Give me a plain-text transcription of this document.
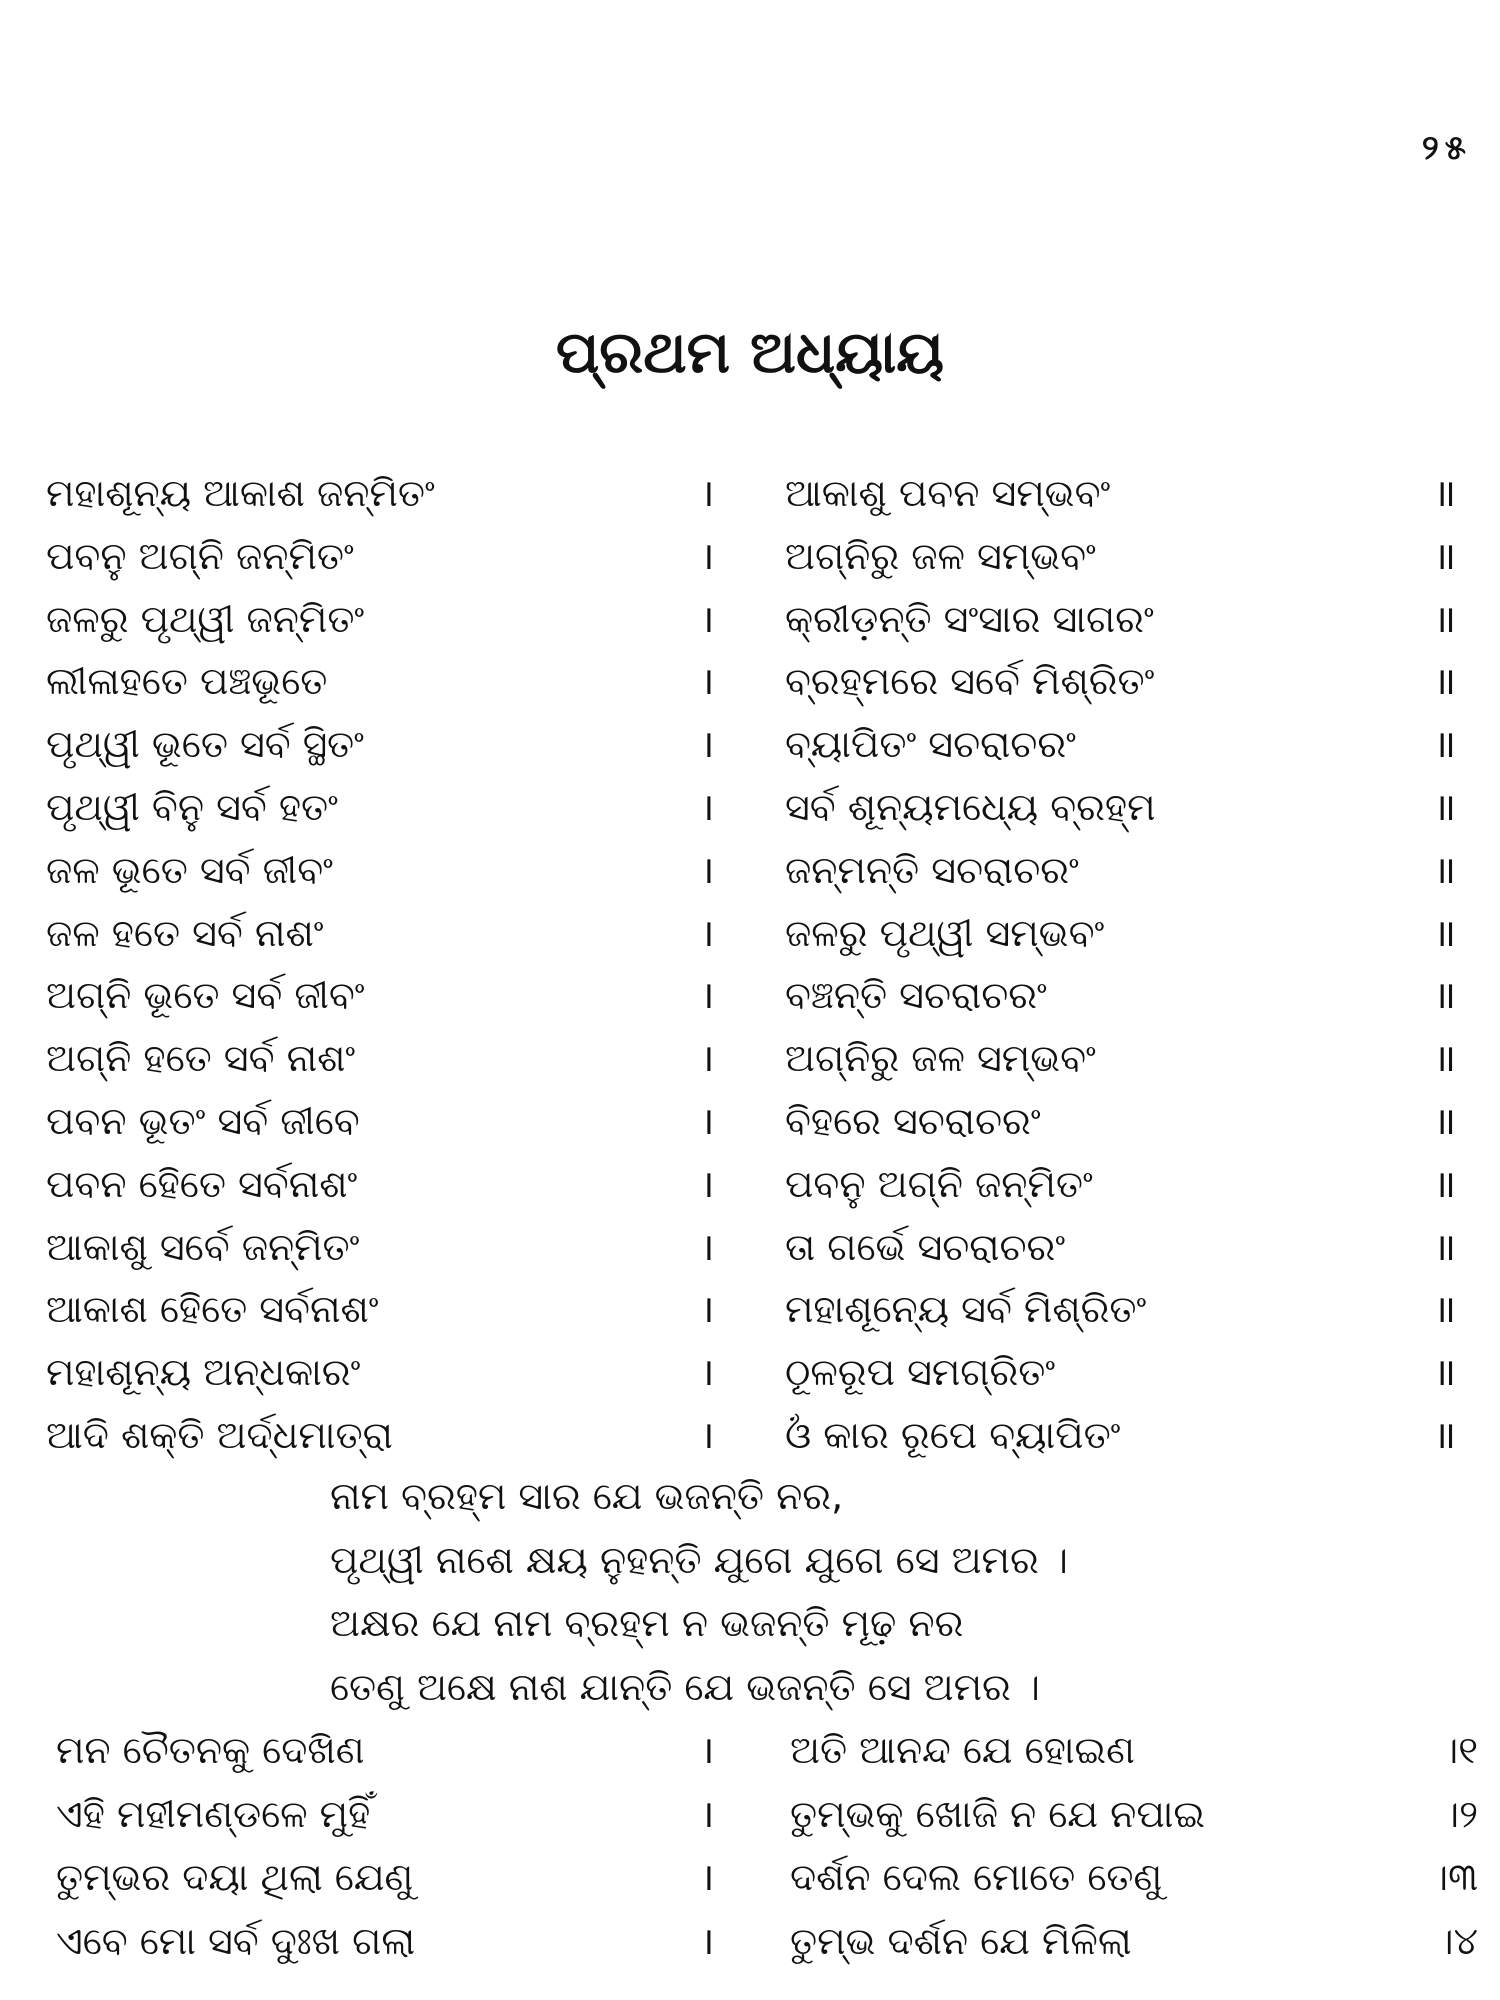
୨୫
ପ୍ରଥମ ଅଧ୍ୟାୟ
ମହାଶୂନ୍ୟ ଆକାଶ ଜନ୍ମିତଂ	। ଆକାଶୁ ପବନ ସମ୍ଭବଂ	॥
ପବନୁ ଅଗ୍ନି ଜନ୍ମିତଂ	। ଅଗ୍ନିରୁ ଜଳ ସମ୍ଭବଂ	॥
ଜଳରୁ ପୃଥ୍ୱୀ ଜନ୍ମିତଂ	। କ୍ରୀଡ଼ନ୍ତି ସଂସାର ସାଗରଂ	॥
ଲୀଳାହତେ ପଞ୍ଚଭୂତେ	। ବ୍ରହ୍ମରେ ସର୍ବେ ମିଶ୍ରିତଂ	॥
ପୃଥ୍ୱୀ ଭୂତେ ସର୍ବ ସ୍ଥିତଂ	। ବ୍ୟାପିତଂ ସଚରାଚରଂ	॥
ପୃଥ୍ୱୀ ବିନୁ ସର୍ବ ହତଂ	। ସର୍ବ ଶୂନ୍ୟମଧ୍ୟେ ବ୍ରହ୍ମ	॥
ଜଳ ଭୂତେ ସର୍ବ ଜୀବଂ	। ଜନ୍ମନ୍ତି ସଚରାଚରଂ	॥
ଜଳ ହତେ ସର୍ବ ନାଶଂ	। ଜଳରୁ ପୃଥ୍ୱୀ ସମ୍ଭବଂ	॥
ଅଗ୍ନି ଭୂତେ ସର୍ବ ଜୀବଂ	। ବଞ୍ଚନ୍ତି ସଚରାଚରଂ	॥
ଅଗ୍ନି ହତେ ସର୍ବ ନାଶଂ	। ଅଗ୍ନିରୁ ଜଳ ସମ୍ଭବଂ	॥
ପବନ ଭୂତଂ ସର୍ବ ଜୀବେ	। ବିହରେ ସଚରାଚରଂ	॥
ପବନ ହେିତେ ସର୍ବନାଶଂ	। ପବନୁ ଅଗ୍ନି ଜନ୍ମିତଂ	॥
ଆକାଶୁ ସର୍ବେ ଜନ୍ମିତଂ	। ତା ଗର୍ଭେ ସଚରାଚରଂ	॥
ଆକାଶ ହେିତେ ସର୍ବନାଶଂ	। ମହାଶୂନ୍ୟେ ସର୍ବ ମିଶ୍ରିତଂ	॥
ମହାଶୂନ୍ୟ ଅନ୍ଧକାରଂ	। ଠୂଳରୂପ ସମଗ୍ରିତଂ	॥
ଆଦି ଶକ୍ତି ଅର୍ଦ୍ଧମାତ୍ରା	। ଓଁ କାର ରୂପେ ବ୍ୟାପିତଂ	॥
ନାମ ବ୍ରହ୍ମ ସାର ଯେ ଭଜନ୍ତି ନର,
ପୃଥ୍ୱୀ ନାଶେ କ୍ଷୟ ନୁହନ୍ତି ଯୁଗେ ଯୁଗେ ସେ ଅମର ।
ଅକ୍ଷର ଯେ ନାମ ବ୍ରହ୍ମ ନ ଭଜନ୍ତି ମୂଢ଼ ନର
ତେଣୁ ଅକ୍ଷେ ନାଶ ଯାନ୍ତି ଯେ ଭଜନ୍ତି ସେ ଅମର ।
ମନ ଚୈତନକୁ ଦେଖିଣ	। ଅତି ଆନନ୍ଦ ଯେ ହୋଇଣ	।୧
ଏହି ମହୀମଣ୍ଡଳେ ମୁହିଁ	। ତୁମ୍ଭକୁ ଖୋଜି ନ ଯେ ନପାଇ	।୨
ତୁମ୍ଭର ଦୟା ଥିଲା ଯେଣୁ	। ଦର୍ଶନ ଦେଲ ମୋତେ ତେଣୁ	।୩
ଏବେ ମୋ ସର୍ବ ଦୁଃଖ ଗଲା	। ତୁମ୍ଭ ଦର୍ଶନ ଯେ ମିଳିଲା	।୪
